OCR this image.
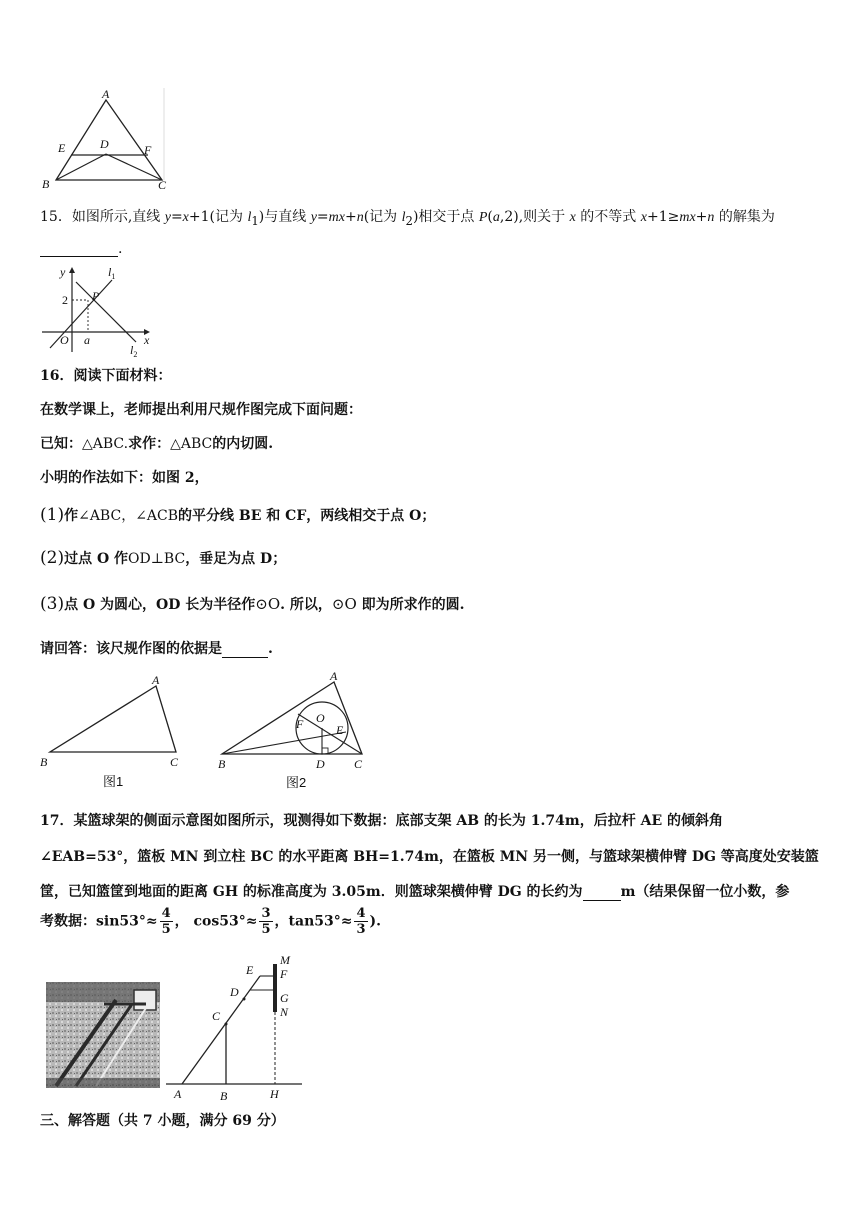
A
E	D	F
B	C
15．如图所示,直线 y=x+1(记为 $l_1$)与直线 y=mx+n(记为 $l_2$)相交于点 P(a,2),则关于 x 的不等式 x+1≥mx+n 的解集为
.
y	$l_1$
2 P
O a	x
$l_2$
16．阅读下面材料：
在数学课上，老师提出利用尺规作图完成下面问题：
已知：△ABC.求作：△ABC的内切圆.
小明的作法如下：如图 2，
(1)作∠ABC，∠ACB的平分线 BE 和 CF，两线相交于点 O；
(2)过点 O 作OD⊥BC，垂足为点 D；
(3)点 O 为圆心，OD 长为半径作⊙O. 所以，⊙O 即为所求作的圆.
请回答：该尺规作图的依据是	.
A
B	C
图1
A
O
F	E
B	D C
图2
17．某篮球架的侧面示意图如图所示，现测得如下数据：底部支架 AB 的长为 1.74m，后拉杆 AE 的倾斜角
∠EAB=53°，篮板 MN 到立柱 BC 的水平距离 BH=1.74m，在篮板 MN 另一侧，与篮球架横伸臂 DG 等高度处安装篮
筐，已知篮筐到地面的距离 GH 的标准高度为 3.05m．则篮球架横伸臂 DG 的长约为	m（结果保留一位小数，参
考数据：$\sin 53^\circ\approx \frac{4}{5}$ ， $\cos 53^\circ\approx \frac{3}{5}$ ，$\tan 53^\circ\approx \frac{4}{3}$ ).
E
M
F
D	G
N
C
A	B	H
三、解答题（共 7 小题，满分 69 分）
